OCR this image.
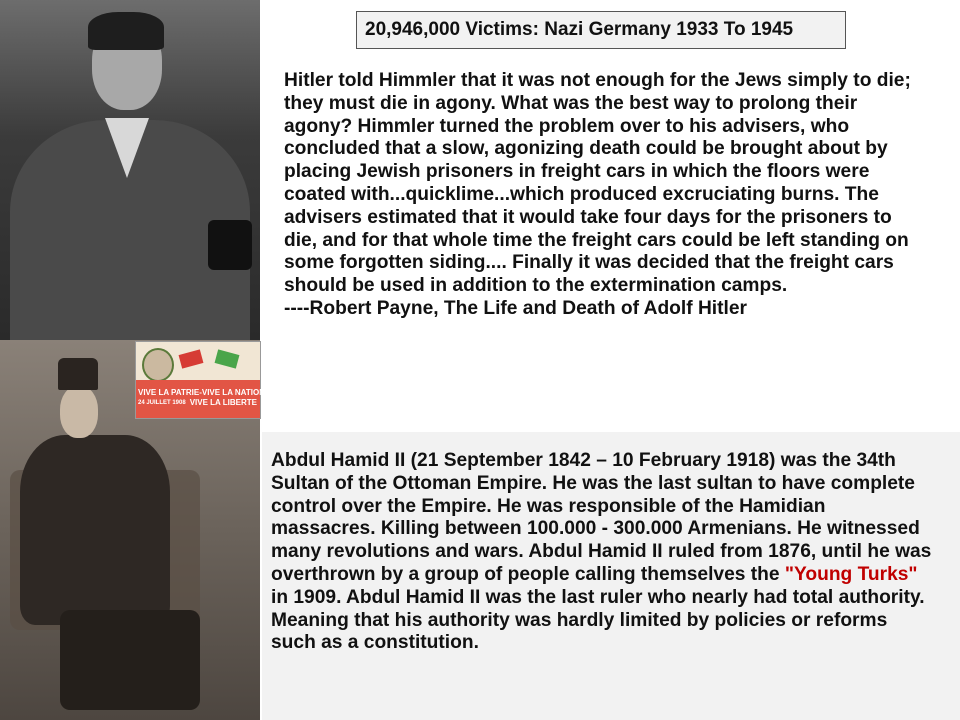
VIVE LA PATRIE-VIVE LA NATION
24 JUILLET 1908 VIVE LA LIBERTE
20,946,000 Victims: Nazi Germany 1933 To 1945
Hitler told Himmler that it was not enough for the Jews simply to die;
they must die in agony. What was the best way to prolong their
agony? Himmler turned the problem over to his advisers, who
concluded that a slow, agonizing death could be brought about by
placing Jewish prisoners in freight cars in which the floors were
coated with...quicklime...which produced excruciating burns. The
advisers estimated that it would take four days for the prisoners to
die, and for that whole time the freight cars could be left standing on
some forgotten siding.... Finally it was decided that the freight cars
should be used in addition to the extermination camps.
----Robert Payne, The Life and Death of Adolf Hitler
Abdul Hamid II (21 September 1842 – 10 February 1918) was the 34th
Sultan of the Ottoman Empire. He was the last sultan to have complete
control over the Empire. He was responsible of the Hamidian
massacres. Killing between 100.000 - 300.000 Armenians. He witnessed
many revolutions and wars. Abdul Hamid II ruled from 1876, until he was
overthrown by a group of people calling themselves the "Young Turks"
in 1909. Abdul Hamid II was the last ruler who nearly had total authority.
Meaning that his authority was hardly limited by policies or reforms
such as a constitution.
